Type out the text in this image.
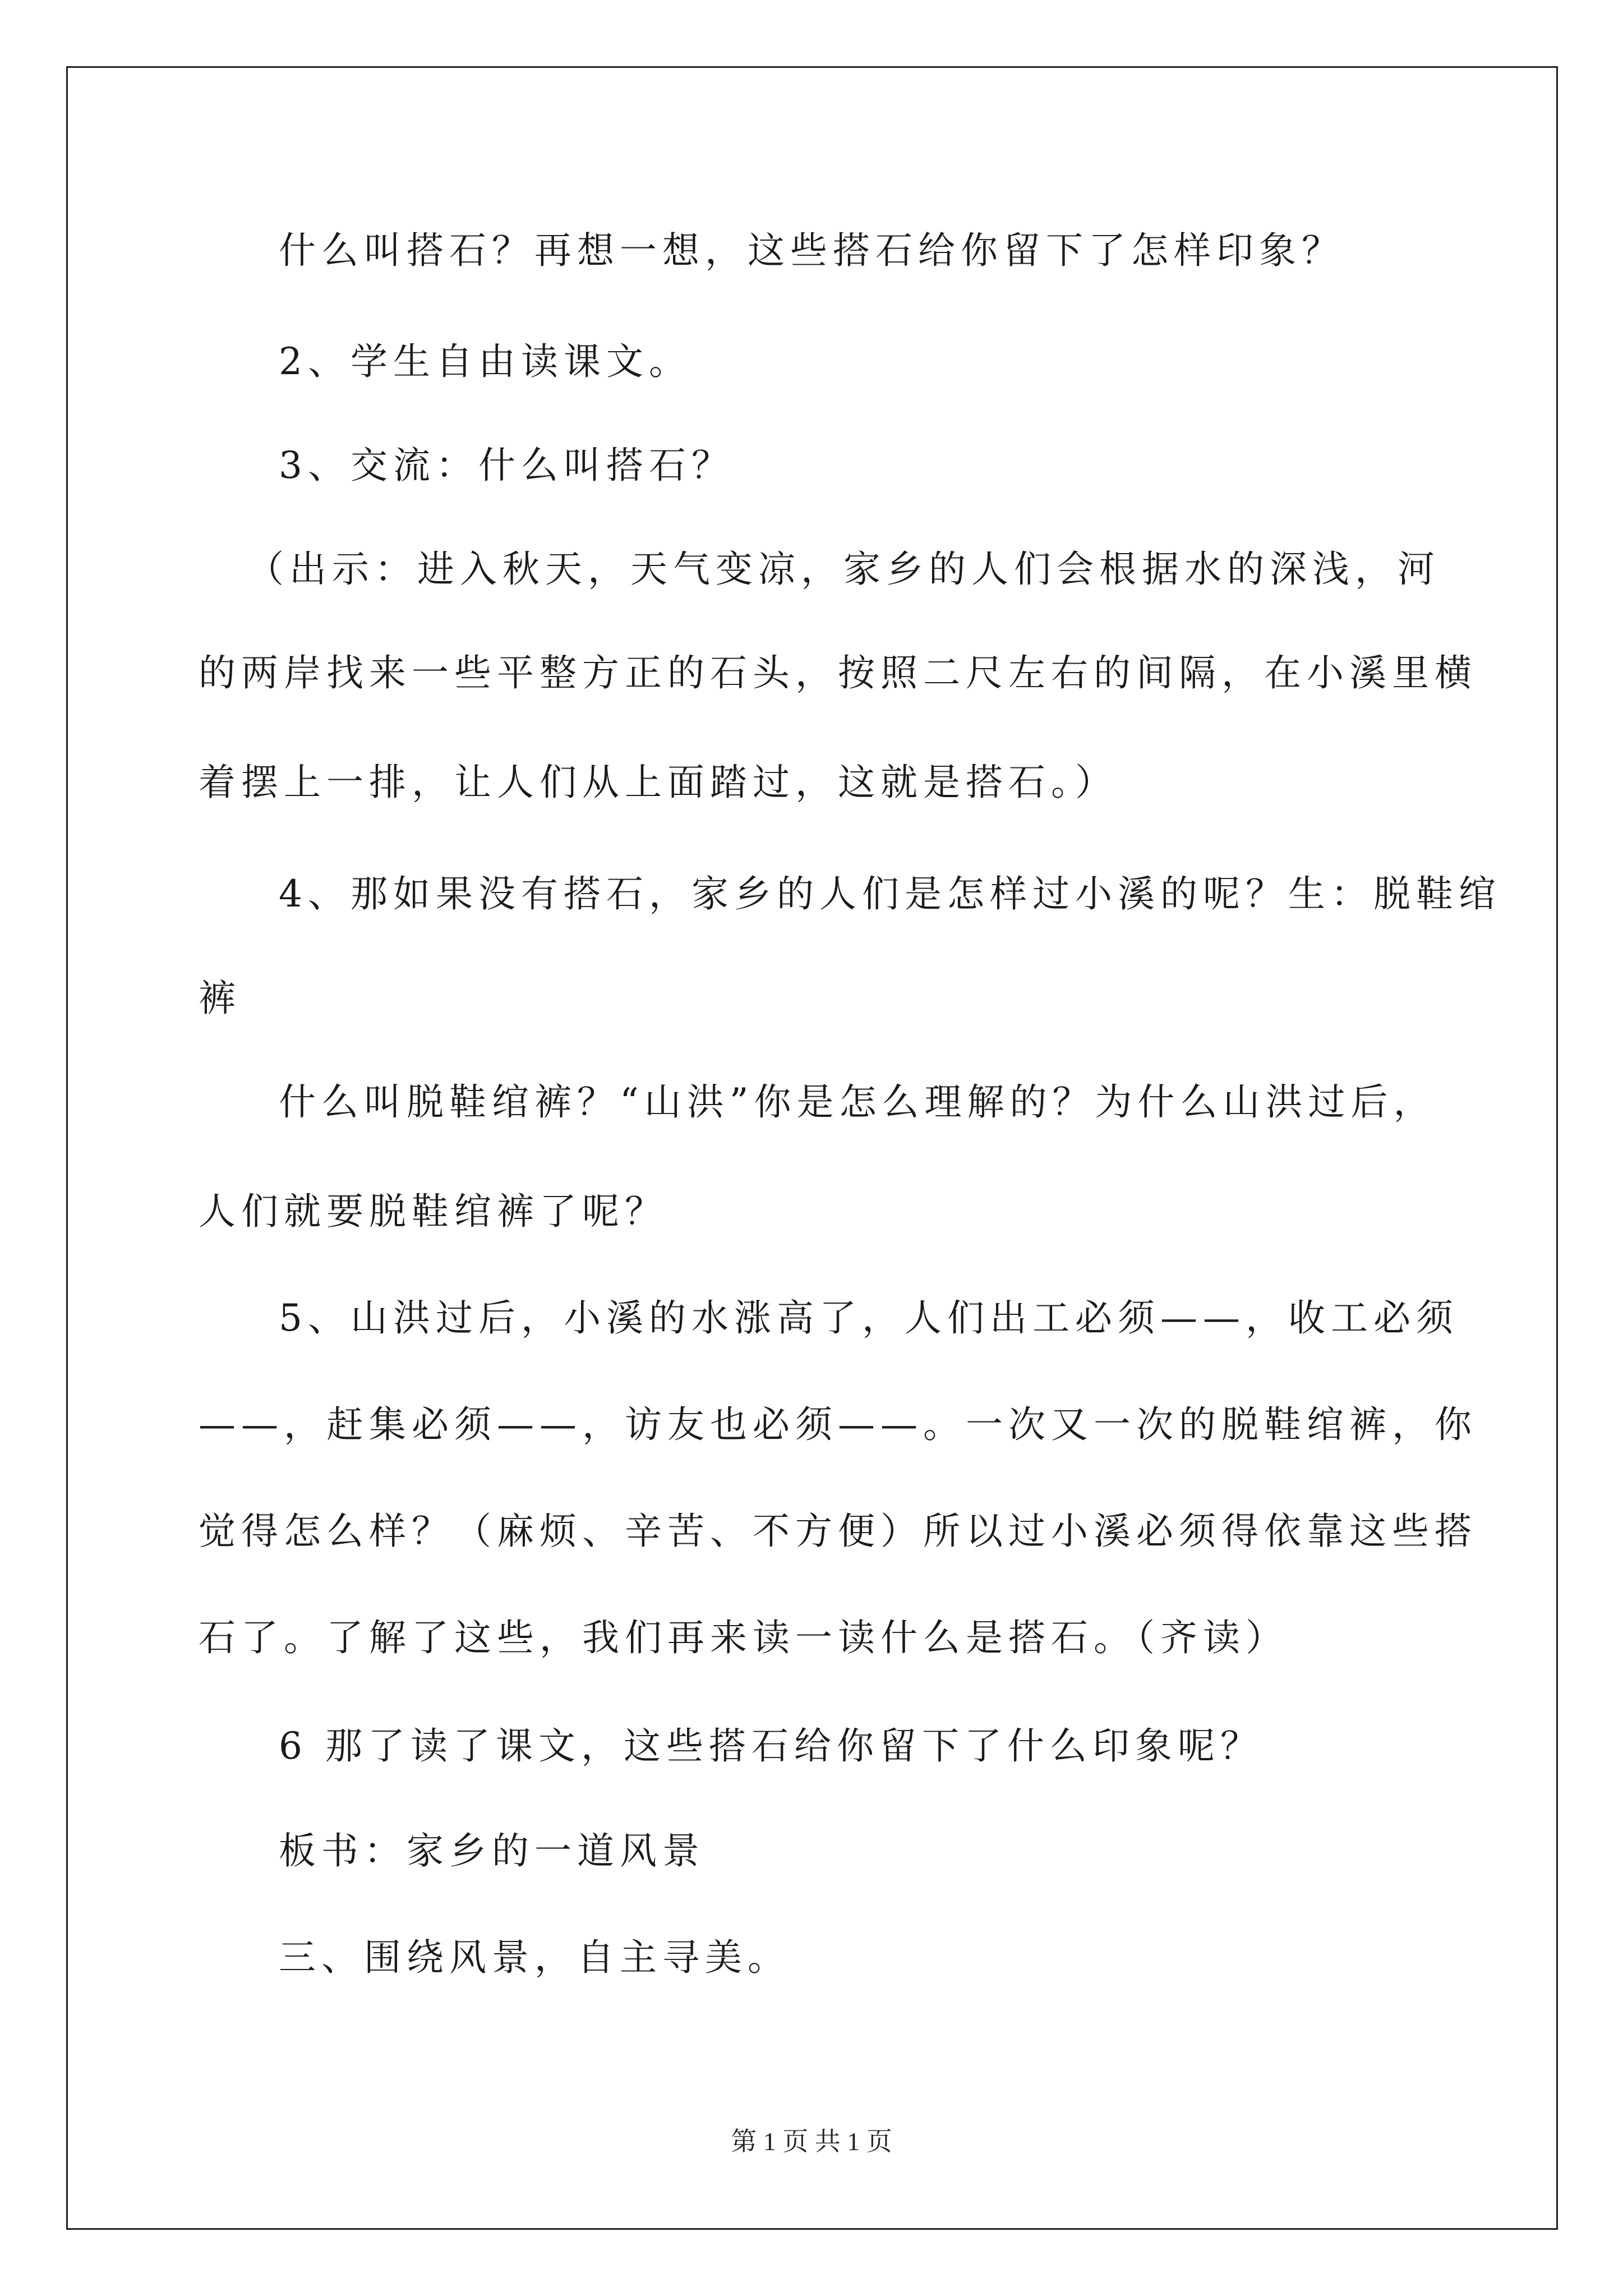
什么叫搭石？再想一想，这些搭石给你留下了怎样印象？
2、学生自由读课文。
3、交流：什么叫搭石？
（出示：进入秋天，天气变凉，家乡的人们会根据水的深浅，河
的两岸找来一些平整方正的石头，按照二尺左右的间隔，在小溪里横
着摆上一排，让人们从上面踏过，这就是搭石。）
4、那如果没有搭石，家乡的人们是怎样过小溪的呢？生：脱鞋绾
裤
什么叫脱鞋绾裤？“山洪”你是怎么理解的？为什么山洪过后，
人们就要脱鞋绾裤了呢？
5、山洪过后，小溪的水涨高了，人们出工必须——，收工必须
——，赶集必须——，访友也必须——。一次又一次的脱鞋绾裤，你
觉得怎么样？（麻烦、辛苦、不方便）所以过小溪必须得依靠这些搭
石了。了解了这些，我们再来读一读什么是搭石。（齐读）
6 那了读了课文，这些搭石给你留下了什么印象呢？
板书：家乡的一道风景
三、围绕风景，自主寻美。
第 1 页 共 1 页
